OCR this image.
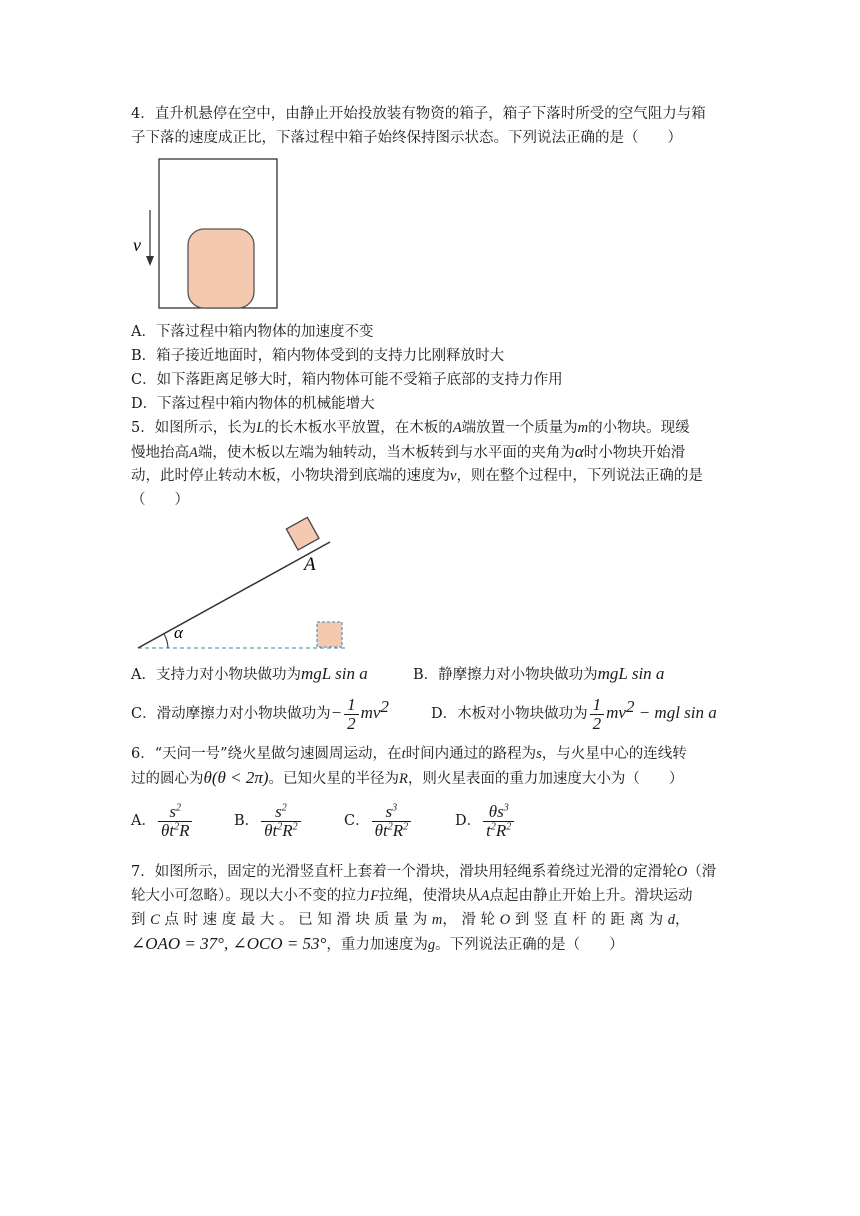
4．直升机悬停在空中，由静止开始投放装有物资的箱子，箱子下落时所受的空气阻力与箱
子下落的速度成正比，下落过程中箱子始终保持图示状态。下列说法正确的是（　　）
v
A．下落过程中箱内物体的加速度不变
B．箱子接近地面时，箱内物体受到的支持力比刚释放时大
C．如下落距离足够大时，箱内物体可能不受箱子底部的支持力作用
D．下落过程中箱内物体的机械能增大
5．如图所示，长为L的长木板水平放置，在木板的A端放置一个质量为m的小物块。现缓
慢地抬高A端，使木板以左端为轴转动，当木板转到与水平面的夹角为α时小物块开始滑
动，此时停止转动木板，小物块滑到底端的速度为v，则在整个过程中，下列说法正确的是
（　　）
α
A
A．支持力对小物块做功为mgL sin a	B．静摩擦力对小物块做功为mgL sin a
C．滑动摩擦力对小物块做功为− $\frac{1}{2} mv^2$	D．木板对小物块做功为 $\frac{1}{2} mv^2$ − mgl sin a
6．“天问一号”绕火星做匀速圆周运动，在t时间内通过的路程为s，与火星中心的连线转
过的圆心为θ(θ < 2π)。已知火星的半径为R，则火星表面的重力加速度大小为（　　）
A． $\frac{s^2}{\theta t^2R}$	B． $\frac{s^2}{\theta t^2R^2}$	C． $\frac{s^3}{\theta t^2R^2}$	D． $\frac{\theta s^3}{t^2R^2}$
7．如图所示，固定的光滑竖直杆上套着一个滑块，滑块用轻绳系着绕过光滑的定滑轮O（滑
轮大小可忽略）。现以大小不变的拉力F拉绳，使滑块从A点起由静止开始上升。滑块运动
到 C 点 时 速 度 最 大 。 已 知 滑 块 质 量 为 m， 滑 轮 O 到 竖 直 杆 的 距 离 为 d，
∠OAO = 37°, ∠OCO = 53°，重力加速度为g。下列说法正确的是（　　）
